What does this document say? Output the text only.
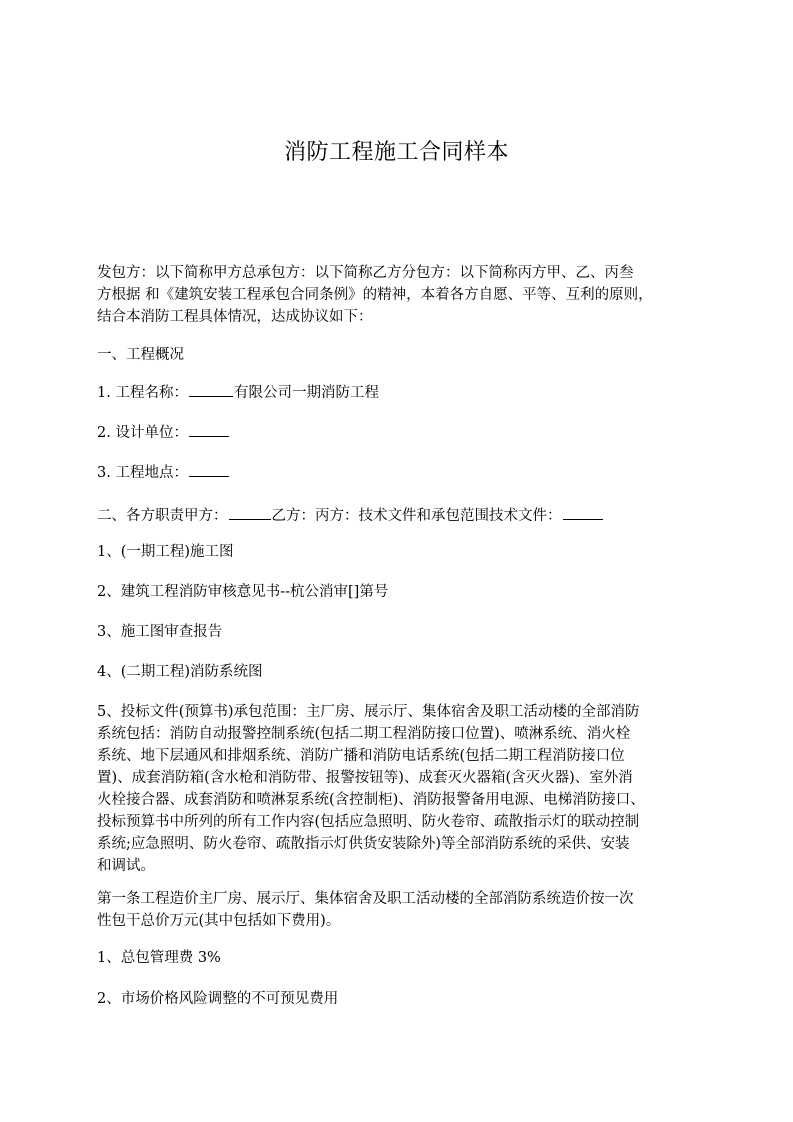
消防工程施工合同样本
发包方：以下简称甲方总承包方：以下简称乙方分包方：以下简称丙方甲、乙、丙叁
方根据 和《建筑安装工程承包合同条例》的精神，本着各方自愿、平等、互利的原则，
结合本消防工程具体情况，达成协议如下：
一、工程概况
1. 工程名称：	有限公司一期消防工程
2. 设计单位：
3. 工程地点：
二、各方职责甲方：	乙方：丙方：技术文件和承包范围技术文件：
1、(一期工程)施工图
2、建筑工程消防审核意见书--杭公消审[]第号
3、施工图审查报告
4、(二期工程)消防系统图
5、投标文件(预算书)承包范围：主厂房、展示厅、集体宿舍及职工活动楼的全部消防
系统包括：消防自动报警控制系统(包括二期工程消防接口位置)、喷淋系统、消火栓
系统、地下层通风和排烟系统、消防广播和消防电话系统(包括二期工程消防接口位
置)、成套消防箱(含水枪和消防带、报警按钮等)、成套灭火器箱(含灭火器)、室外消
火栓接合器、成套消防和喷淋泵系统(含控制柜)、消防报警备用电源、电梯消防接口、
投标预算书中所列的所有工作内容(包括应急照明、防火卷帘、疏散指示灯的联动控制
系统;应急照明、防火卷帘、疏散指示灯供货安装除外)等全部消防系统的采供、安装
和调试。
第一条工程造价主厂房、展示厅、集体宿舍及职工活动楼的全部消防系统造价按一次
性包干总价万元(其中包括如下费用)。
1、总包管理费 3%
2、市场价格风险调整的不可预见费用
